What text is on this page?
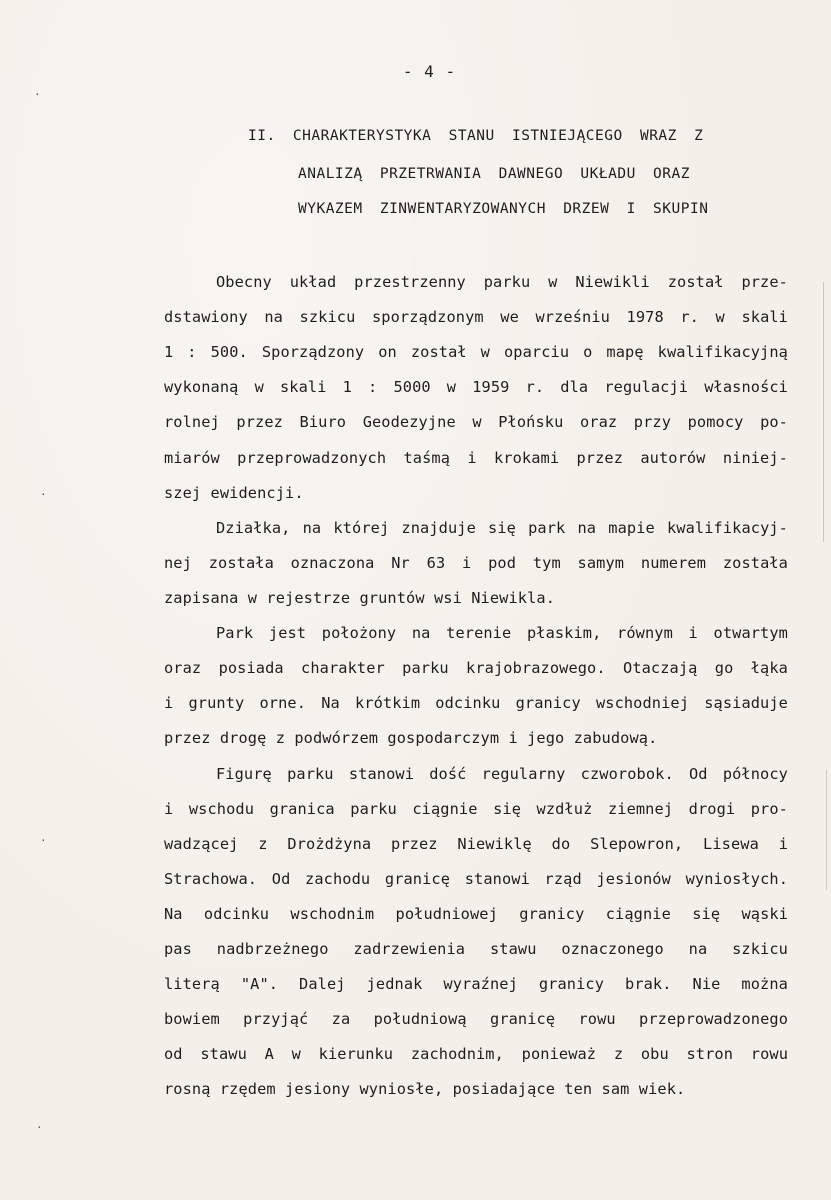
- 4 -
II. CHARAKTERYSTYKA STANU ISTNIEJĄCEGO WRAZ Z
ANALIZĄ PRZETRWANIA DAWNEGO UKŁADU ORAZ
WYKAZEM ZINWENTARYZOWANYCH DRZEW I SKUPIN
Obecny układ przestrzenny parku w Niewikli został prze-
dstawiony na szkicu sporządzonym we wrześniu 1978 r. w skali
1 : 500. Sporządzony on został w oparciu o mapę kwalifikacyjną
wykonaną w skali 1 : 5000 w 1959 r. dla regulacji własności
rolnej przez Biuro Geodezyjne w Płońsku oraz przy pomocy po-
miarów przeprowadzonych taśmą i krokami przez autorów niniej-
szej ewidencji.
Działka, na której znajduje się park na mapie kwalifikacyj-
nej została oznaczona Nr 63 i pod tym samym numerem została
zapisana w rejestrze gruntów wsi Niewikla.
Park jest położony na terenie płaskim, równym i otwartym
oraz posiada charakter parku krajobrazowego. Otaczają go łąka
i grunty orne. Na krótkim odcinku granicy wschodniej sąsiaduje
przez drogę z podwórzem gospodarczym i jego zabudową.
Figurę parku stanowi dość regularny czworobok. Od północy
i wschodu granica parku ciągnie się wzdłuż ziemnej drogi pro-
wadzącej z Drożdżyna przez Niewiklę do Slepowron, Lisewa i
Strachowa. Od zachodu granicę stanowi rząd jesionów wyniosłych.
Na odcinku wschodnim południowej granicy ciągnie się wąski
pas nadbrzeżnego zadrzewienia stawu oznaczonego na szkicu
literą "A". Dalej jednak wyraźnej granicy brak. Nie można
bowiem przyjąć za południową granicę rowu przeprowadzonego
od stawu A w kierunku zachodnim, ponieważ z obu stron rowu
rosną rzędem jesiony wyniosłe, posiadające ten sam wiek.
·
·
·
·
